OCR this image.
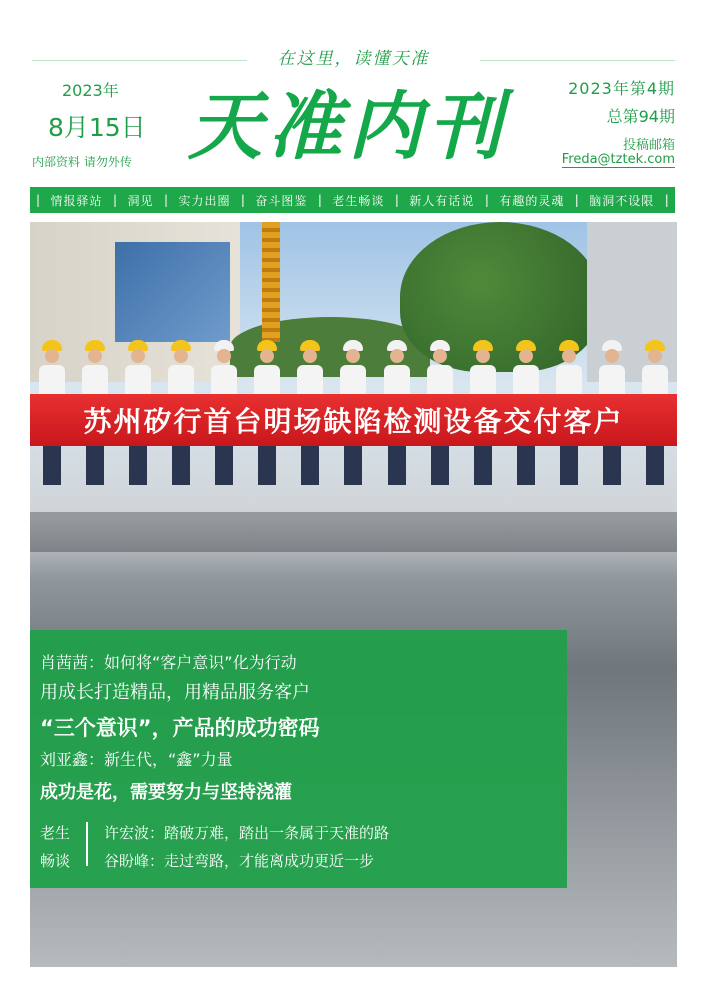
在这里，读懂天准
2023年
8月15日
内部资料 请勿外传 天准内刊	2023年第4期
总第94期
投稿邮箱
Freda@tztek.com
| 情报驿站 | 洞见 | 实力出圈 | 奋斗图鉴 | 老生畅谈 | 新人有话说 | 有趣的灵魂 | 脑洞不设限 |
苏州矽行首台明场缺陷检测设备交付客户
肖茜茜：如何将“客户意识”化为行动
用成长打造精品，用精品服务客户
“三个意识”，产品的成功密码
刘亚鑫：新生代，“鑫”力量
成功是花，需要努力与坚持浇灌
老生
畅谈
许宏波：踏破万难，踏出一条属于天准的路
谷盼峰：走过弯路，才能离成功更近一步
